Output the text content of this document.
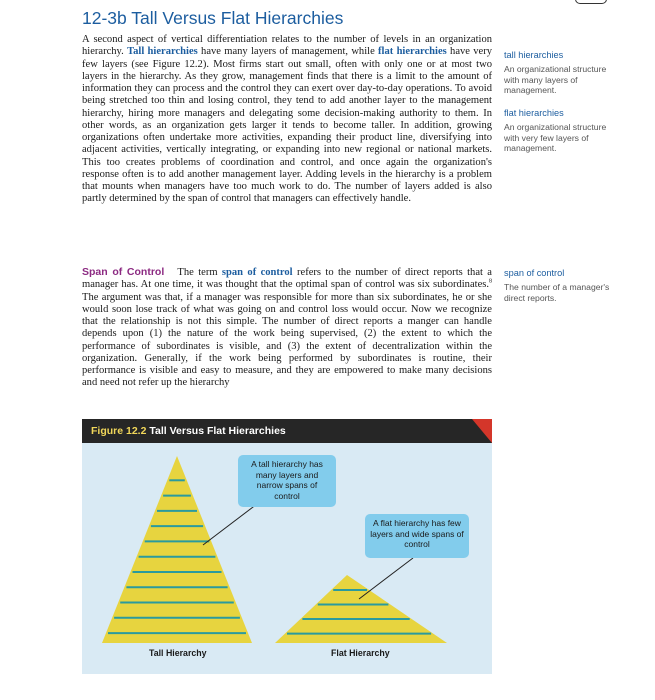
12-3b Tall Versus Flat Hierarchies

A second aspect of vertical differentiation relates to the number of levels in an organization hierarchy. Tall hierarchies have many layers of management, while flat hierarchies have very few layers (see Figure 12.2). Most firms start out small, often with only one or at most two layers in the hierarchy. As they grow, management finds that there is a limit to the amount of information they can process and the control they can exert over day-to-day operations. To avoid being stretched too thin and losing control, they tend to add another layer to the management hierarchy, hiring more managers and delegating some decision-making authority to them. In other words, as an organization gets larger it tends to become taller. In addition, growing organizations often undertake more activities, expanding their product line, diversifying into adjacent activities, vertically integrating, or expanding into new regional or national markets. This too creates problems of coordination and control, and once again the organization's response often is to add another management layer. Adding levels in the hierarchy is a problem that mounts when managers have too much work to do. The number of layers added is also partly determined by the span of control that managers can effectively handle.

Span of Control The term span of control refers to the number of direct reports that a manager has. At one time, it was thought that the optimal span of control was six subordinates.$^8$ The argument was that, if a manager was responsible for more than six subordinates, he or she would soon lose track of what was going on and control loss would occur. Now we recognize that the relationship is not this simple. The number of direct reports a manger can handle depends upon (1) the nature of the work being supervised, (2) the extent to which the performance of subordinates is visible, and (3) the extent of decentralization within the organization. Generally, if the work being performed by subordinates is routine, their performance is visible and easy to measure, and they are empowered to make many decisions and need not refer up the hierarchy

tall hierarchies
An organizational structure with many layers of management.
flat hierarchies
An organizational structure with very few layers of management.
span of control
The number of a manager's direct reports.
Figure 12.2 Tall Versus Flat Hierarchies
A tall hierarchy has many layers and narrow spans of control
A flat hierarchy has few layers and wide spans of control
Tall Hierarchy	Flat Hierarchy
